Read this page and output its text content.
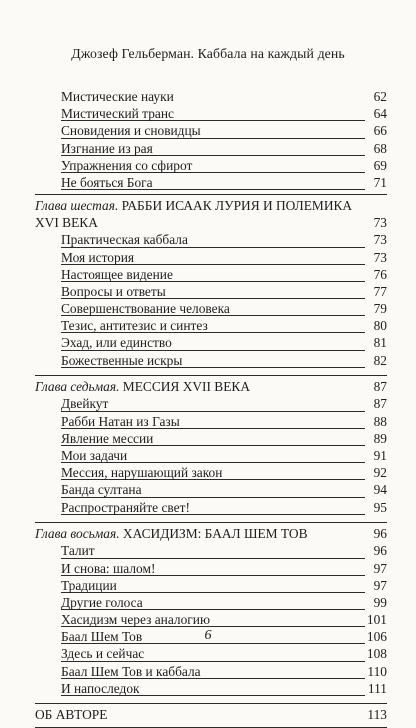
Джозеф Гельберман. Каббала на каждый день
Мистические науки	62
Мистический транс	64
Сновидения и сновидцы	66
Изгнание из рая	68
Упражнения со сфирот	69
Не бояться Бога	71
Глава шестая. РАББИ ИСААК ЛУРИЯ И ПОЛЕМИКА
XVI ВЕКА	73
Практическая каббала	73
Моя история	73
Настоящее видение	76
Вопросы и ответы	77
Совершенствование человека	79
Тезис, антитезис и синтез	80
Эхад, или единство	81
Божественные искры	82
Глава седьмая. МЕССИЯ XVII ВЕКА	87
Двейкут	87
Рабби Натан из Газы	88
Явление мессии	89
Мои задачи	91
Мессия, нарушающий закон	92
Банда султана	94
Распространяйте свет!	95
Глава восьмая. ХАСИДИЗМ: БААЛ ШЕМ ТОВ	96
Талит	96
И снова: шалом!	97
Традиции	97
Другие голоса	99
Хасидизм через аналогию	101
Баал Шем Тов	106
Здесь и сейчас	108
Баал Шем Тов и каббала	110
И напоследок	111
ОБ АВТОРЕ	113
6
